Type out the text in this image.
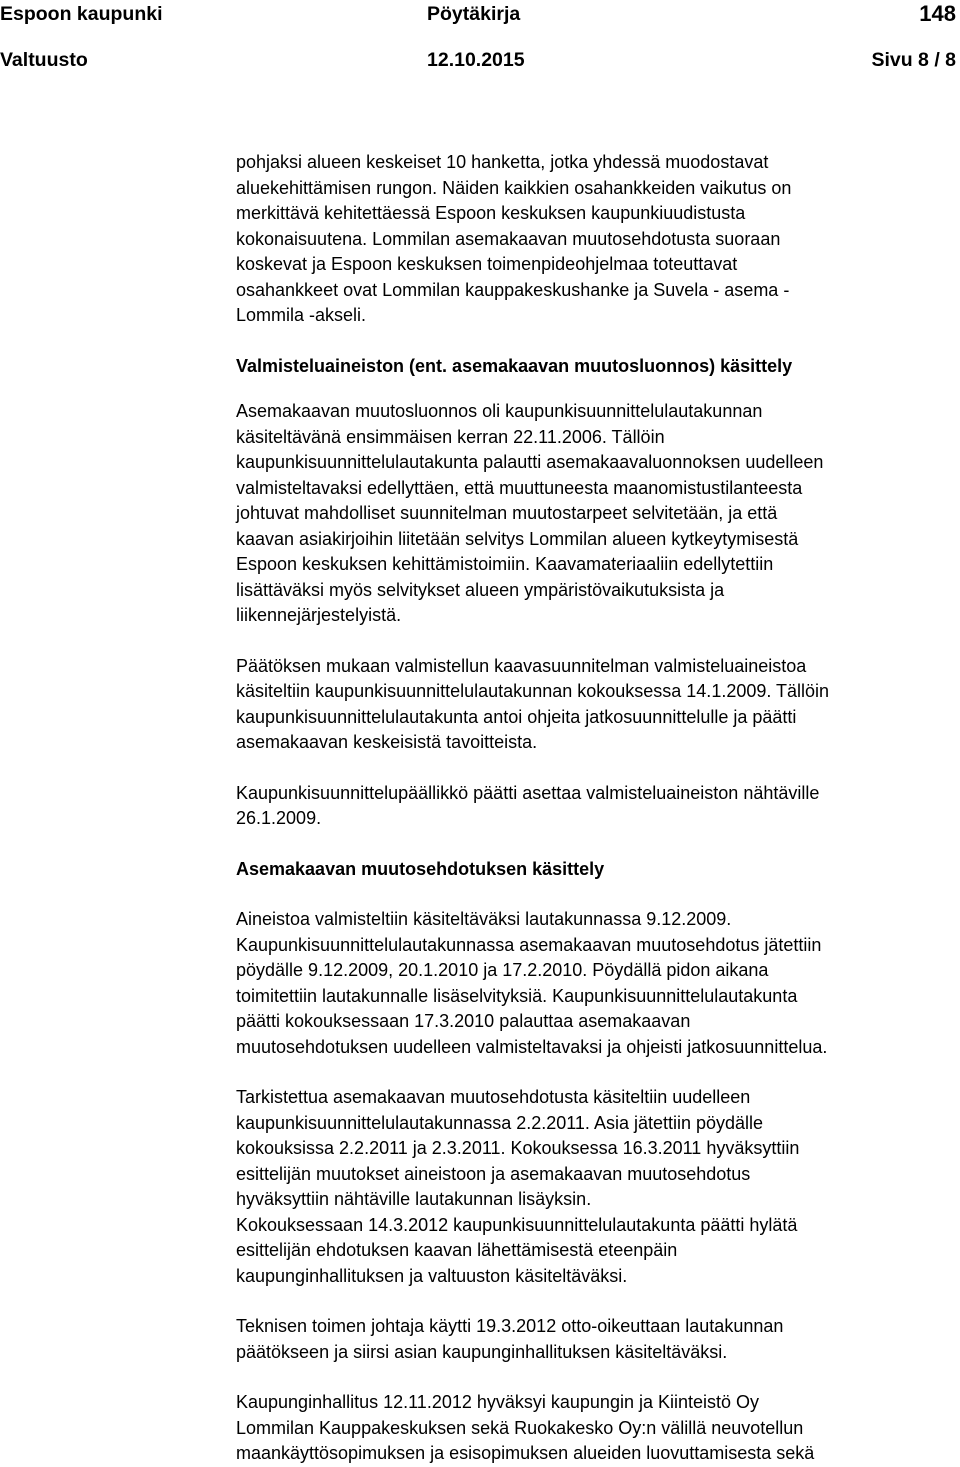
Espoon kaupunki	Pöytäkirja	148
Valtuusto	12.10.2015	Sivu 8 / 8
pohjaksi alueen keskeiset 10 hanketta, jotka yhdessä muodostavat
aluekehittämisen rungon. Näiden kaikkien osahankkeiden vaikutus on
merkittävä kehitettäessä Espoon keskuksen kaupunkiuudistusta
kokonaisuutena. Lommilan asemakaavan muutosehdotusta suoraan
koskevat ja Espoon keskuksen toimenpideohjelmaa toteuttavat
osahankkeet ovat Lommilan kauppakeskushanke ja Suvela - asema -
Lommila -akseli.
Valmisteluaineiston (ent. asemakaavan muutosluonnos) käsittely
Asemakaavan muutosluonnos oli kaupunkisuunnittelulautakunnan
käsiteltävänä ensimmäisen kerran 22.11.2006. Tällöin
kaupunkisuunnittelulautakunta palautti asemakaavaluonnoksen uudelleen
valmisteltavaksi edellyttäen, että muuttuneesta maanomistustilanteesta
johtuvat mahdolliset suunnitelman muutostarpeet selvitetään, ja että
kaavan asiakirjoihin liitetään selvitys Lommilan alueen kytkeytymisestä
Espoon keskuksen kehittämistoimiin. Kaavamateriaaliin edellytettiin
lisättäväksi myös selvitykset alueen ympäristövaikutuksista ja
liikennejärjestelyistä.
Päätöksen mukaan valmistellun kaavasuunnitelman valmisteluaineistoa
käsiteltiin kaupunkisuunnittelulautakunnan kokouksessa 14.1.2009. Tällöin
kaupunkisuunnittelulautakunta antoi ohjeita jatkosuunnittelulle ja päätti
asemakaavan keskeisistä tavoitteista.
Kaupunkisuunnittelupäällikkö päätti asettaa valmisteluaineiston nähtäville
26.1.2009.
Asemakaavan muutosehdotuksen käsittely
Aineistoa valmisteltiin käsiteltäväksi lautakunnassa 9.12.2009.
Kaupunkisuunnittelulautakunnassa asemakaavan muutosehdotus jätettiin
pöydälle 9.12.2009, 20.1.2010 ja 17.2.2010. Pöydällä pidon aikana
toimitettiin lautakunnalle lisäselvityksiä. Kaupunkisuunnittelulautakunta
päätti kokouksessaan 17.3.2010 palauttaa asemakaavan
muutosehdotuksen uudelleen valmisteltavaksi ja ohjeisti jatkosuunnittelua.
Tarkistettua asemakaavan muutosehdotusta käsiteltiin uudelleen
kaupunkisuunnittelulautakunnassa 2.2.2011. Asia jätettiin pöydälle
kokouksissa 2.2.2011 ja 2.3.2011. Kokouksessa 16.3.2011 hyväksyttiin
esittelijän muutokset aineistoon ja asemakaavan muutosehdotus
hyväksyttiin nähtäville lautakunnan lisäyksin.
Kokouksessaan 14.3.2012 kaupunkisuunnittelulautakunta päätti hylätä
esittelijän ehdotuksen kaavan lähettämisestä eteenpäin
kaupunginhallituksen ja valtuuston käsiteltäväksi.
Teknisen toimen johtaja käytti 19.3.2012 otto-oikeuttaan lautakunnan
päätökseen ja siirsi asian kaupunginhallituksen käsiteltäväksi.
Kaupunginhallitus 12.11.2012 hyväksyi kaupungin ja Kiinteistö Oy
Lommilan Kauppakeskuksen sekä Ruokakesko Oy:n välillä neuvotellun
maankäyttösopimuksen ja esisopimuksen alueiden luovuttamisesta sekä
